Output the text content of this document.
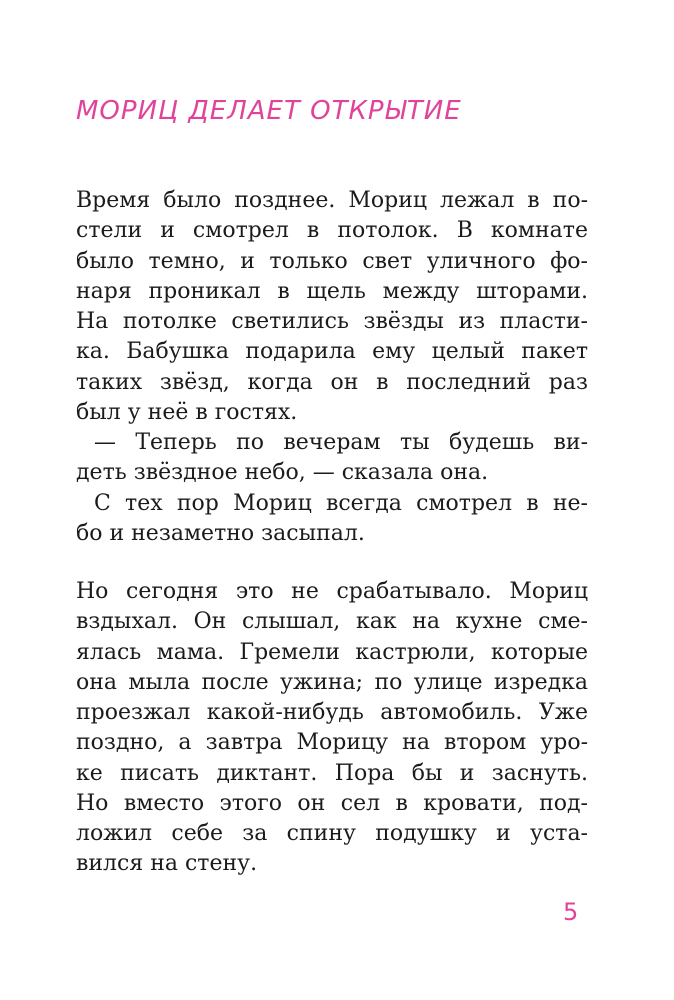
МОРИЦ ДЕЛАЕТ ОТКРЫТИЕ
Время было позднее. Мориц лежал в по-
стели и смотрел в потолок. В комнате
было темно, и только свет уличного фо-
наря проникал в щель между шторами.
На потолке светились звёзды из пласти-
ка. Бабушка подарила ему целый пакет
таких звёзд, когда он в последний раз
был у неё в гостях.
— Теперь по вечерам ты будешь ви-
деть звёздное небо, — сказала она.
С тех пор Мориц всегда смотрел в не-
бо и незаметно засыпал.
Но сегодня это не срабатывало. Мориц
вздыхал. Он слышал, как на кухне сме-
ялась мама. Гремели кастрюли, которые
она мыла после ужина; по улице изредка
проезжал какой-нибудь автомобиль. Уже
поздно, а завтра Морицу на втором уро-
ке писать диктант. Пора бы и заснуть.
Но вместо этого он сел в кровати, под-
ложил себе за спину подушку и уста-
вился на стену.
5
